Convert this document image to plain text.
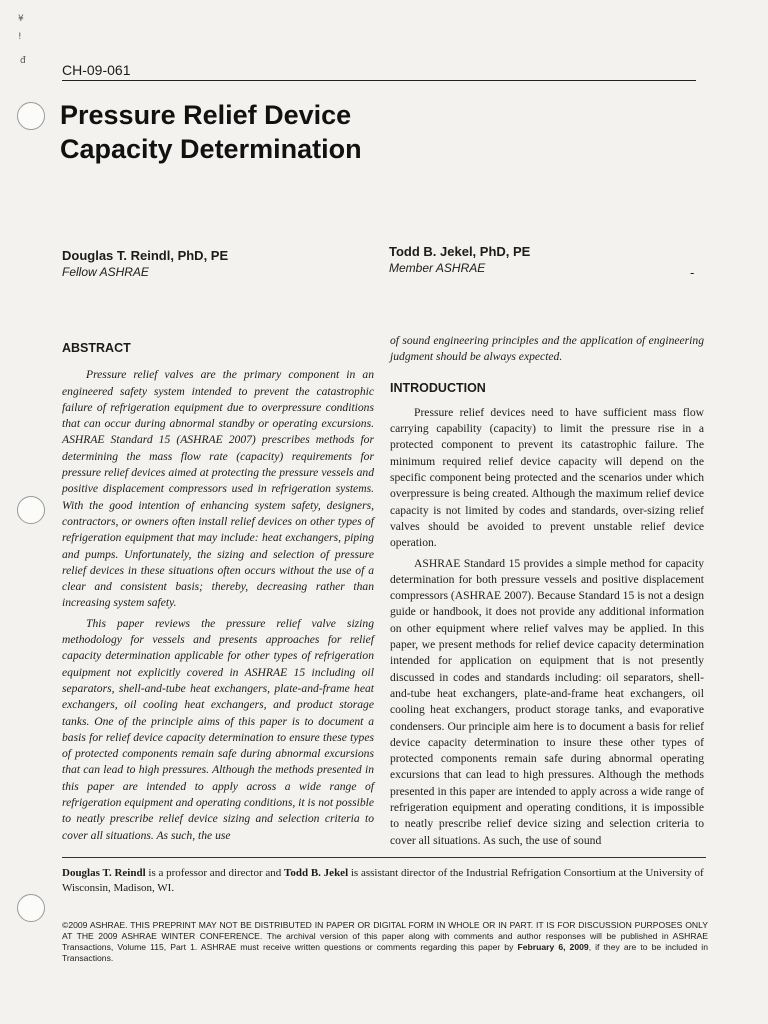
¥
!
đ
CH-09-061
Pressure Relief Device
Capacity Determination
Douglas T. Reindl, PhD, PE
Fellow ASHRAE
Todd B. Jekel, PhD, PE
Member ASHRAE	-

ABSTRACT

Pressure relief valves are the primary component in an engineered safety system intended to prevent the catastrophic failure of refrigeration equipment due to overpressure conditions that can occur during abnormal standby or operating excursions. ASHRAE Standard 15 (ASHRAE 2007) prescribes methods for determining the mass flow rate (capacity) requirements for pressure relief devices aimed at protecting the pressure vessels and positive displacement compressors used in refrigeration systems. With the good intention of enhancing system safety, designers, contractors, or owners often install relief devices on other types of refrigeration equipment that may include: heat exchangers, piping and pumps. Unfortunately, the sizing and selection of pressure relief devices in these situations often occurs without the use of a clear and consistent basis; thereby, decreasing rather than increasing system safety.

This paper reviews the pressure relief valve sizing methodology for vessels and presents approaches for relief capacity determination applicable for other types of refrigeration equipment not explicitly covered in ASHRAE 15 including oil separators, shell-and-tube heat exchangers, plate-and-frame heat exchangers, oil cooling heat exchangers, and product storage tanks. One of the principle aims of this paper is to document a basis for relief device capacity determination to ensure these types of protected components remain safe during abnormal excursions that can lead to high pressures. Although the methods presented in this paper are intended to apply across a wide range of refrigeration equipment and operating conditions, it is not possible to neatly prescribe relief device sizing and selection criteria to cover all situations. As such, the use

of sound engineering principles and the application of engineering judgment should be always expected.

INTRODUCTION

Pressure relief devices need to have sufficient mass flow carrying capability (capacity) to limit the pressure rise in a protected component to prevent its catastrophic failure. The minimum required relief device capacity will depend on the specific component being protected and the scenarios under which overpressure is being created. Although the maximum relief device capacity is not limited by codes and standards, over-sizing relief valves should be avoided to prevent unstable relief device operation.

ASHRAE Standard 15 provides a simple method for capacity determination for both pressure vessels and positive displacement compressors (ASHRAE 2007). Because Standard 15 is not a design guide or handbook, it does not provide any additional information on other equipment where relief valves may be applied. In this paper, we present methods for relief device capacity determination intended for application on equipment that is not presently discussed in codes and standards including: oil separators, shell-and-tube heat exchangers, plate-and-frame heat exchangers, oil cooling heat exchangers, product storage tanks, and evaporative condensers. Our principle aim here is to document a basis for relief device capacity determination to insure these other types of protected components remain safe during abnormal operating excursions that can lead to high pressures. Although the methods presented in this paper are intended to apply across a wide range of refrigeration equipment and operating conditions, it is impossible to neatly prescribe relief device sizing and selection criteria to cover all situations. As such, the use of sound

Douglas T. Reindl is a professor and director and Todd B. Jekel is assistant director of the Industrial Refrigation Consortium at the University of Wisconsin, Madison, WI.
©2009 ASHRAE. THIS PREPRINT MAY NOT BE DISTRIBUTED IN PAPER OR DIGITAL FORM IN WHOLE OR IN PART. IT IS FOR DISCUSSION PURPOSES ONLY AT THE 2009 ASHRAE WINTER CONFERENCE. The archival version of this paper along with comments and author responses will be published in ASHRAE Transactions, Volume 115, Part 1. ASHRAE must receive written questions or comments regarding this paper by February 6, 2009, if they are to be included in Transactions.
